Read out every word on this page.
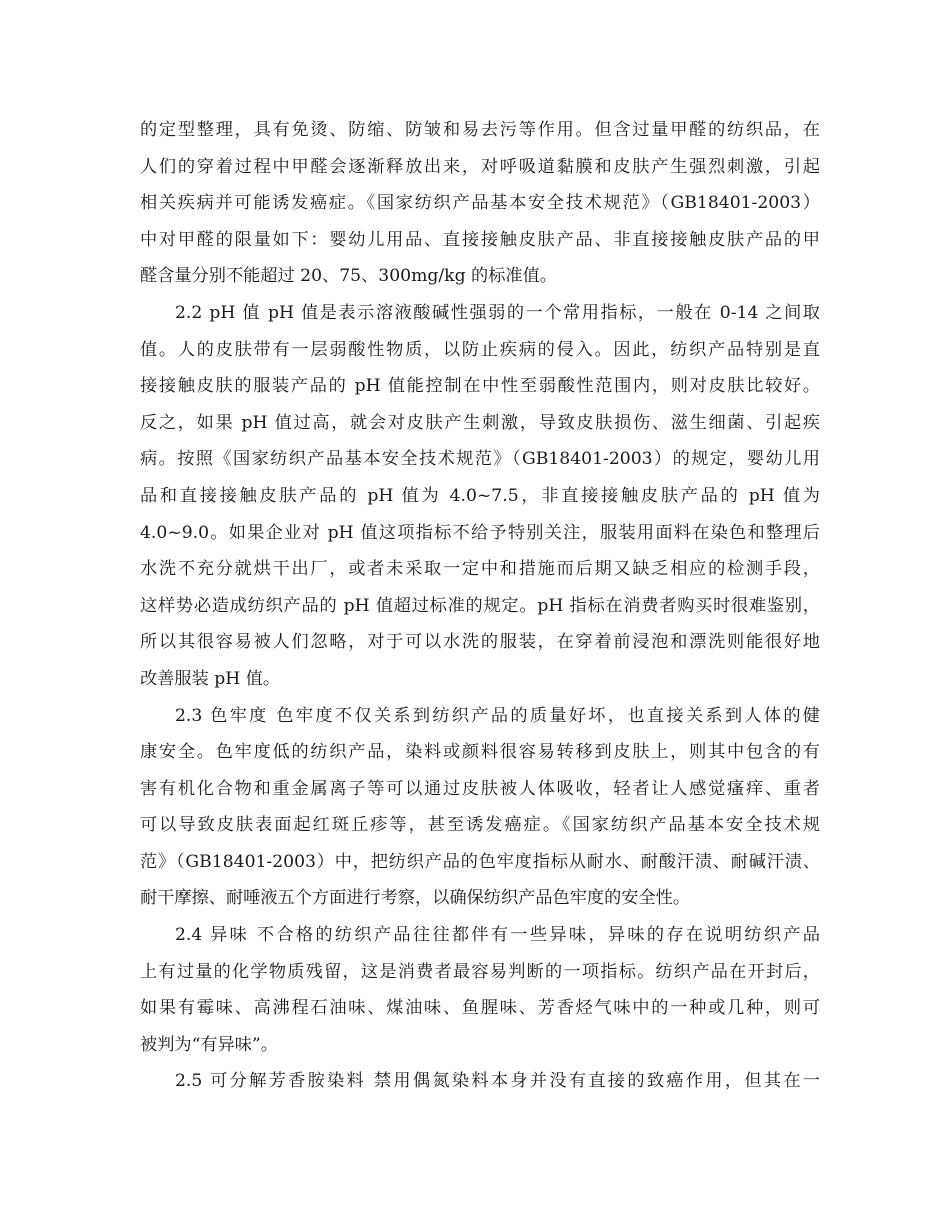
的定型整理，具有免烫、防缩、防皱和易去污等作用。但含过量甲醛的纺织品，在
人们的穿着过程中甲醛会逐渐释放出来，对呼吸道黏膜和皮肤产生强烈刺激，引起
相关疾病并可能诱发癌症。《国家纺织产品基本安全技术规范》（GB18401-2003）
中对甲醛的限量如下：婴幼儿用品、直接接触皮肤产品、非直接接触皮肤产品的甲
醛含量分别不能超过 20、75、300mg/kg 的标准值。
2.2 pH 值 pH 值是表示溶液酸碱性强弱的一个常用指标，一般在 0-14 之间取
值。人的皮肤带有一层弱酸性物质，以防止疾病的侵入。因此，纺织产品特别是直
接接触皮肤的服装产品的 pH 值能控制在中性至弱酸性范围内，则对皮肤比较好。
反之，如果 pH 值过高，就会对皮肤产生刺激，导致皮肤损伤、滋生细菌、引起疾
病。按照《国家纺织产品基本安全技术规范》（GB18401-2003）的规定，婴幼儿用
品和直接接触皮肤产品的 pH 值为 4.0~7.5，非直接接触皮肤产品的 pH 值为
4.0~9.0。如果企业对 pH 值这项指标不给予特别关注，服装用面料在染色和整理后
水洗不充分就烘干出厂，或者未采取一定中和措施而后期又缺乏相应的检测手段，
这样势必造成纺织产品的 pH 值超过标准的规定。pH 指标在消费者购买时很难鉴别，
所以其很容易被人们忽略，对于可以水洗的服装，在穿着前浸泡和漂洗则能很好地
改善服装 pH 值。
2.3 色牢度 色牢度不仅关系到纺织产品的质量好坏，也直接关系到人体的健
康安全。色牢度低的纺织产品，染料或颜料很容易转移到皮肤上，则其中包含的有
害有机化合物和重金属离子等可以通过皮肤被人体吸收，轻者让人感觉瘙痒、重者
可以导致皮肤表面起红斑丘疹等，甚至诱发癌症。《国家纺织产品基本安全技术规
范》（GB18401-2003）中，把纺织产品的色牢度指标从耐水、耐酸汗渍、耐碱汗渍、
耐干摩擦、耐唾液五个方面进行考察，以确保纺织产品色牢度的安全性。
2.4 异味 不合格的纺织产品往往都伴有一些异味，异味的存在说明纺织产品
上有过量的化学物质残留，这是消费者最容易判断的一项指标。纺织产品在开封后，
如果有霉味、高沸程石油味、煤油味、鱼腥味、芳香烃气味中的一种或几种，则可
被判为“有异味”。
2.5 可分解芳香胺染料 禁用偶氮染料本身并没有直接的致癌作用，但其在一
